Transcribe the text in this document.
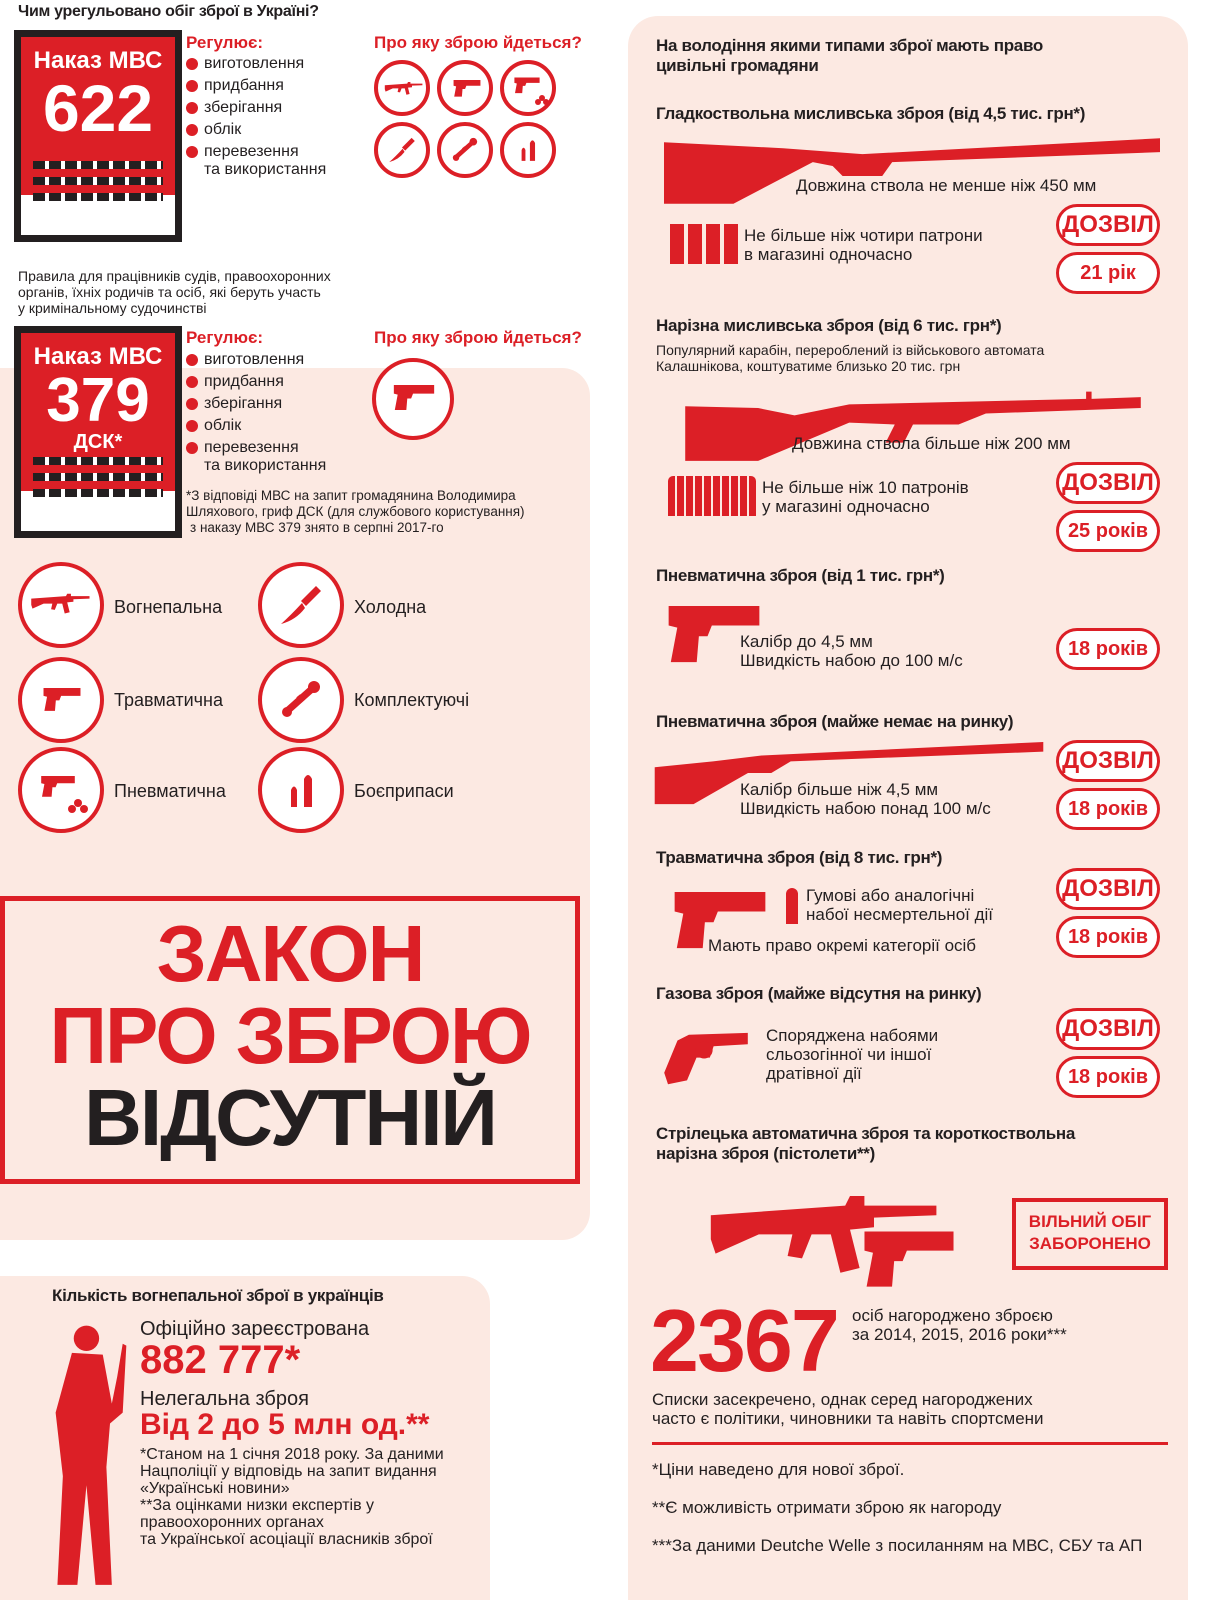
Чим урегульовано обіг зброї в Україні?
Наказ МВС
622
Регулює:
виготовлення
придбання
зберігання
облік
перевезення
та використання
Про яку зброю йдеться?
Правила для працівників судів, правоохоронних
органів, їхніх родичів та осіб, які беруть участь
у кримінальному судочинстві
Наказ МВС
379
ДСК*
Регулює:
виготовлення
придбання
зберігання
облік
перевезення
та використання
Про яку зброю йдеться?
*З відповіді МВС на запит громадянина Володимира
Шляхового, гриф ДСК (для службового користування)
з наказу МВС 379 знято в серпні 2017-го
Вогнепальна	Холодна
Травматична	Комплектуючі
Пневматична	Боєприпаси
ЗАКОН
ПРО ЗБРОЮ
ВІДСУТНІЙ
Кількість вогнепальної зброї в українців
Офіційно зареєстрована
882 777*
Нелегальна зброя
Від 2 до 5 млн од.**
*Станом на 1 січня 2018 року. За даними
Нацполіції у відповідь на запит видання
«Українські новини»
**За оцінками низки експертів у
правоохоронних органах
та Української асоціації власників зброї
На володіння якими типами зброї мають право
цивільні громадяни
Гладкоствольна мисливська зброя (від 4,5 тис. грн*)
Довжина ствола не менше ніж 450 мм
Не більше ніж чотири патрони
в магазині одночасно
ДОЗВІЛ
21 рік
Нарізна мисливська зброя (від 6 тис. грн*)
Популярний карабін, перероблений із військового автомата
Калашнікова, коштуватиме близько 20 тис. грн
Довжина ствола більше ніж 200 мм
Не більше ніж 10 патронів
у магазині одночасно
ДОЗВІЛ
25 років
Пневматична зброя (від 1 тис. грн*)
Калібр до 4,5 мм
Швидкість набою до 100 м/с
18 років
Пневматична зброя (майже немає на ринку)
Калібр більше ніж 4,5 мм
Швидкість набою понад 100 м/с
ДОЗВІЛ
18 років
Травматична зброя (від 8 тис. грн*)
Гумові або аналогічні
набої несмертельної дії
Мають право окремі категорії осіб
ДОЗВІЛ
18 років
Газова зброя (майже відсутня на ринку)
Споряджена набоями
сльозогінної чи іншої
дратівної дії
ДОЗВІЛ
18 років
Стрілецька автоматична зброя та короткоствольна
нарізна зброя (пістолети**)
ВІЛЬНИЙ ОБІГ
ЗАБОРОНЕНО
2367 осіб нагороджено зброєю
за 2014, 2015, 2016 роки***
Списки засекречено, однак серед нагороджених
часто є політики, чиновники та навіть спортсмени
*Ціни наведено для нової зброї.
**Є можливість отримати зброю як нагороду
***За даними Deutche Welle з посиланням на МВС, СБУ та АП
